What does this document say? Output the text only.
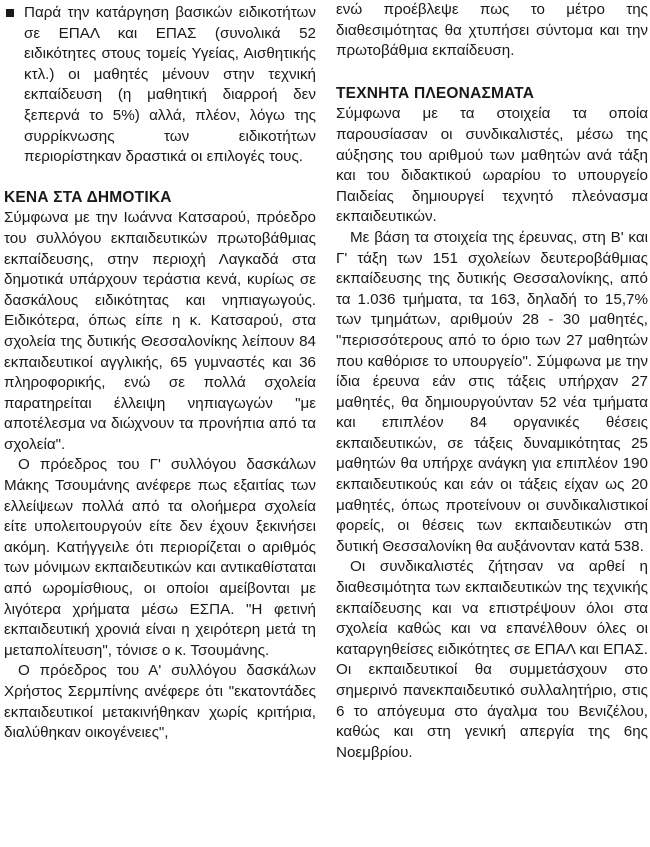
Παρά την κατάργηση βασικών ειδικοτήτων σε ΕΠΑΛ και ΕΠΑΣ (συνολικά 52 ειδικότητες στους τομείς Υγείας, Αισθητικής κτλ.) οι μαθητές μένουν στην τεχνική εκπαίδευση (η μαθητική διαρροή δεν ξεπερνά το 5%) αλλά, πλέον, λόγω της συρρίκνωσης των ειδικοτήτων περιορίστηκαν δραστικά οι επιλογές τους.
ΚΕΝΑ ΣΤΑ ΔΗΜΟΤΙΚΑ

Σύμφωνα με την Ιωάννα Κατσαρού, πρόεδρο του συλλόγου εκπαιδευτικών πρωτοβάθμιας εκπαίδευσης, στην περιοχή Λαγκαδά στα δημοτικά υπάρχουν τεράστια κενά, κυρίως σε δασκάλους ειδικότητας και νηπιαγωγούς. Ειδικότερα, όπως είπε η κ. Κατσαρού, στα σχολεία της δυτικής Θεσσαλονίκης λείπουν 84 εκπαιδευτικοί αγγλικής, 65 γυμναστές και 36 πληροφορικής, ενώ σε πολλά σχολεία παρατηρείται έλλειψη νηπιαγωγών "με αποτέλεσμα να διώχνουν τα προνήπια από τα σχολεία".

Ο πρόεδρος του Γ' συλλόγου δασκάλων Μάκης Τσουμάνης ανέφερε πως εξαιτίας των ελλείψεων πολλά από τα ολοήμερα σχολεία είτε υπολειτουργούν είτε δεν έχουν ξεκινήσει ακόμη. Κατήγγειλε ότι περιορίζεται ο αριθμός των μόνιμων εκπαιδευτικών και αντικαθίσταται από ωρομίσθιους, οι οποίοι αμείβονται με λιγότερα χρήματα μέσω ΕΣΠΑ. "Η φετινή εκπαιδευτική χρονιά είναι η χειρότερη μετά τη μεταπολίτευση", τόνισε ο κ. Τσουμάνης.

Ο πρόεδρος του Α' συλλόγου δασκάλων Χρήστος Σερμπίνης ανέφερε ότι "εκατοντάδες εκπαιδευτικοί μετακινήθηκαν χωρίς κριτήρια, διαλύθηκαν οικογένειες",

ενώ προέβλεψε πως το μέτρο της διαθεσιμότητας θα χτυπήσει σύντομα και την πρωτοβάθμια εκπαίδευση.

ΤΕΧΝΗΤΑ ΠΛΕΟΝΑΣΜΑΤΑ

Σύμφωνα με τα στοιχεία τα οποία παρουσίασαν οι συνδικαλιστές, μέσω της αύξησης του αριθμού των μαθητών ανά τάξη και του διδακτικού ωραρίου το υπουργείο Παιδείας δημιουργεί τεχνητό πλεόνασμα εκπαιδευτικών.

Με βάση τα στοιχεία της έρευνας, στη Β' και Γ' τάξη των 151 σχολείων δευτεροβάθμιας εκπαίδευσης της δυτικής Θεσσαλονίκης, από τα 1.036 τμήματα, τα 163, δηλαδή το 15,7% των τμημάτων, αριθμούν 28 - 30 μαθητές, "περισσότερους από το όριο των 27 μαθητών που καθόρισε το υπουργείο". Σύμφωνα με την ίδια έρευνα εάν στις τάξεις υπήρχαν 27 μαθητές, θα δημιουργούνταν 52 νέα τμήματα και επιπλέον 84 οργανικές θέσεις εκπαιδευτικών, σε τάξεις δυναμικότητας 25 μαθητών θα υπήρχε ανάγκη για επιπλέον 190 εκπαιδευτικούς και εάν οι τάξεις είχαν ως 20 μαθητές, όπως προτείνουν οι συνδικαλιστικοί φορείς, οι θέσεις των εκπαιδευτικών στη δυτική Θεσσαλονίκη θα αυξάνονταν κατά 538.

Οι συνδικαλιστές ζήτησαν να αρθεί η διαθεσιμότητα των εκπαιδευτικών της τεχνικής εκπαίδευσης και να επιστρέψουν όλοι στα σχολεία καθώς και να επανέλθουν όλες οι καταργηθείσες ειδικότητες σε ΕΠΑΛ και ΕΠΑΣ. Οι εκπαιδευτικοί θα συμμετάσχουν στο σημερινό πανεκπαιδευτικό συλλαλητήριο, στις 6 το απόγευμα στο άγαλμα του Βενιζέλου, καθώς και στη γενική απεργία της 6ης Νοεμβρίου.
